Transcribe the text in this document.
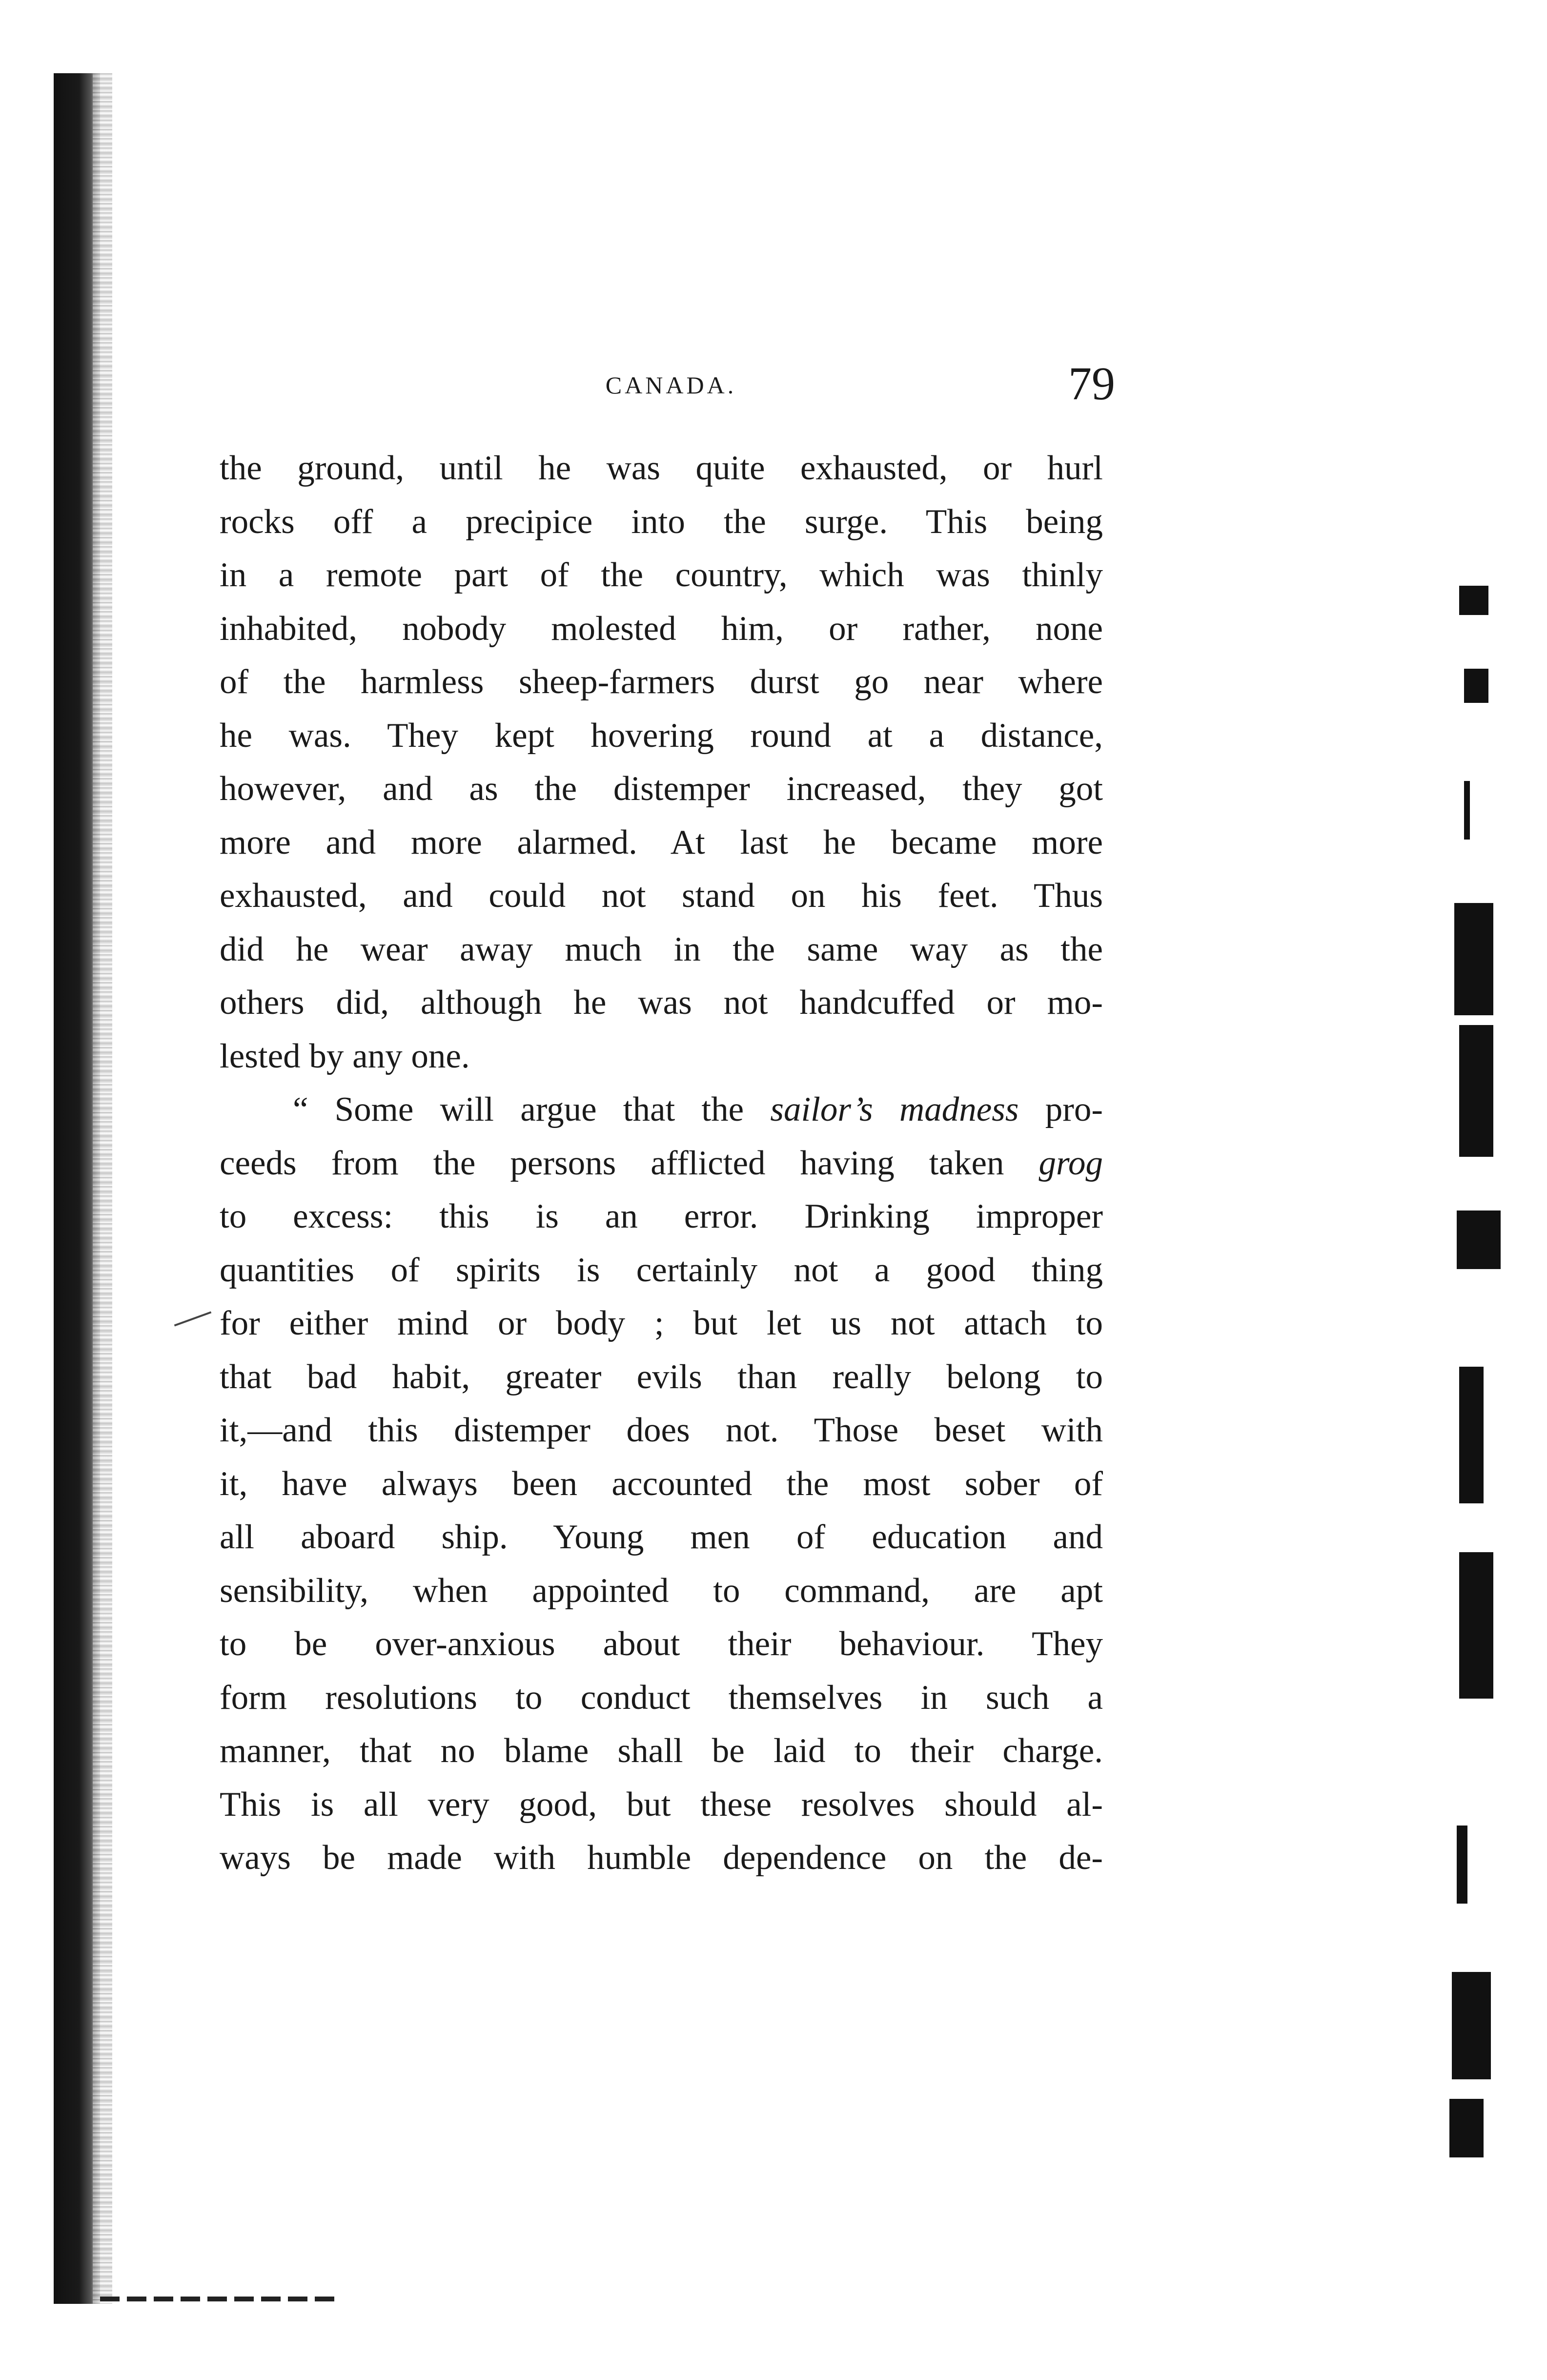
CANADA.	79
the ground, until he was quite exhausted, or hurl
rocks off a precipice into the surge. This being
in a remote part of the country, which was thinly
inhabited, nobody molested him, or rather, none
of the harmless sheep-farmers durst go near where
he was. They kept hovering round at a distance,
however, and as the distemper increased, they got
more and more alarmed. At last he became more
exhausted, and could not stand on his feet. Thus
did he wear away much in the same way as the
others did, although he was not handcuffed or mo-
lested by any one.
“ Some will argue that the sailor’s madness pro-
ceeds from the persons afflicted having taken grog
to excess: this is an error. Drinking improper
quantities of spirits is certainly not a good thing
for either mind or body ; but let us not attach to
that bad habit, greater evils than really belong to
it,—and this distemper does not. Those beset with
it, have always been accounted the most sober of
all aboard ship. Young men of education and
sensibility, when appointed to command, are apt
to be over-anxious about their behaviour. They
form resolutions to conduct themselves in such a
manner, that no blame shall be laid to their charge.
This is all very good, but these resolves should al-
ways be made with humble dependence on the de-
